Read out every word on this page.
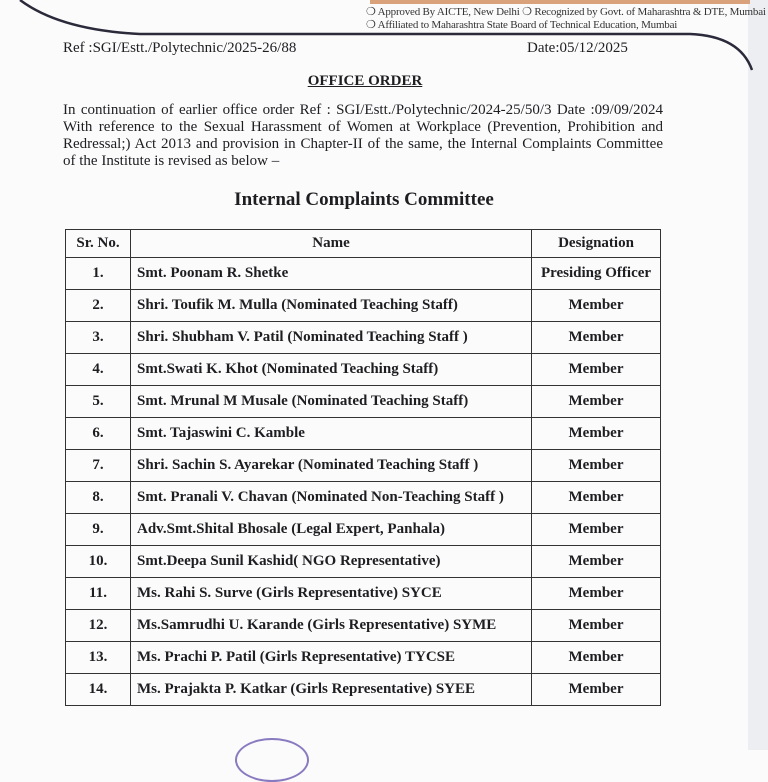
❍ Approved By AICTE, New Delhi ❍ Recognized by Govt. of Maharashtra & DTE, Mumbai
❍ Affiliated to Maharashtra State Board of Technical Education, Mumbai
Ref :SGI/Estt./Polytechnic/2025-26/88	Date:05/12/2025
OFFICE ORDER
In continuation of earlier office order Ref : SGI/Estt./Polytechnic/2024-25/50/3 Date :09/09/2024 With reference to the Sexual Harassment of Women at Workplace (Prevention, Prohibition and Redressal;) Act 2013 and provision in Chapter-II of the same, the Internal Complaints Committee of the Institute is revised as below –
Internal Complaints Committee
Sr. No.	Name	Designation
1.	Smt. Poonam R. Shetke	Presiding Officer
2.	Shri. Toufik M. Mulla (Nominated Teaching Staff)	Member
3.	Shri. Shubham V. Patil (Nominated Teaching Staff )	Member
4.	Smt.Swati K. Khot (Nominated Teaching Staff)	Member
5.	Smt. Mrunal M Musale (Nominated Teaching Staff)	Member
6.	Smt. Tajaswini C. Kamble	Member
7.	Shri. Sachin S. Ayarekar (Nominated Teaching Staff )	Member
8.	Smt. Pranali V. Chavan (Nominated Non-Teaching Staff )	Member
9.	Adv.Smt.Shital Bhosale (Legal Expert, Panhala)	Member
10.	Smt.Deepa Sunil Kashid( NGO Representative)	Member
11.	Ms. Rahi S. Surve (Girls Representative) SYCE	Member
12.	Ms.Samrudhi U. Karande (Girls Representative) SYME	Member
13.	Ms. Prachi P. Patil (Girls Representative) TYCSE	Member
14.	Ms. Prajakta P. Katkar (Girls Representative) SYEE	Member
